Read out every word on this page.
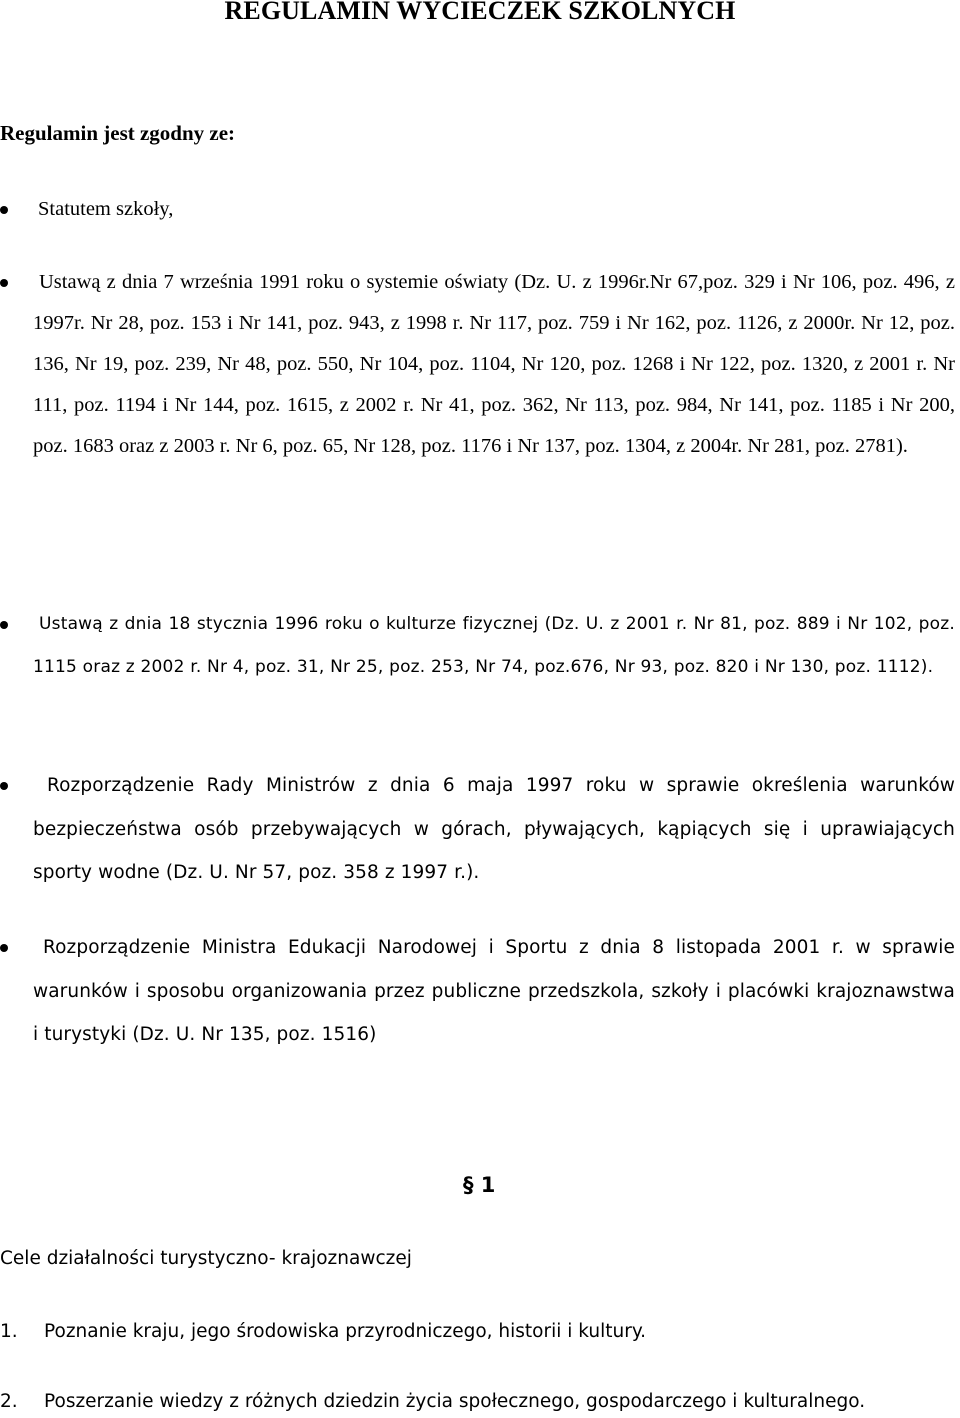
REGULAMIN WYCIECZEK SZKOLNYCH

Regulamin jest zgodny ze:

Statutem szkoły,

Ustawą z dnia 7 września 1991 roku o systemie oświaty (Dz. U. z 1996r.Nr 67,poz. 329 i Nr 106, poz. 496, z 1997r. Nr 28, poz. 153 i Nr 141, poz. 943, z 1998 r. Nr 117, poz. 759 i Nr 162, poz. 1126, z 2000r. Nr 12, poz. 136, Nr 19, poz. 239, Nr 48, poz. 550, Nr 104, poz. 1104, Nr 120, poz. 1268 i Nr 122, poz. 1320, z 2001 r. Nr 111, poz. 1194 i Nr 144, poz. 1615, z 2002 r. Nr 41, poz. 362, Nr 113, poz. 984, Nr 141, poz. 1185 i Nr 200, poz. 1683 oraz z 2003 r. Nr 6, poz. 65, Nr 128, poz. 1176 i Nr 137, poz. 1304, z 2004r. Nr 281, poz. 2781).

Ustawą z dnia 18 stycznia 1996 roku o kulturze fizycznej (Dz. U. z 2001 r. Nr 81, poz. 889 i Nr 102, poz. 1115 oraz z 2002 r. Nr 4, poz. 31, Nr 25, poz. 253, Nr 74, poz.676, Nr 93, poz. 820 i Nr 130, poz. 1112).

Rozporządzenie Rady Ministrów z dnia 6 maja 1997 roku w sprawie określenia warunków bezpieczeństwa osób przebywających w górach, pływających, kąpiących się i uprawiających sporty wodne (Dz. U. Nr 57, poz. 358 z 1997 r.).

Rozporządzenie Ministra Edukacji Narodowej i Sportu z dnia 8 listopada 2001 r. w sprawie warunków i sposobu organizowania przez publiczne przedszkola, szkoły i placówki krajoznawstwa i turystyki (Dz. U. Nr 135, poz. 1516)

§ 1

Cele działalności turystyczno- krajoznawczej

1. Poznanie kraju, jego środowiska przyrodniczego, historii i kultury.
2. Poszerzanie wiedzy z różnych dziedzin życia społecznego, gospodarczego i kulturalnego.
